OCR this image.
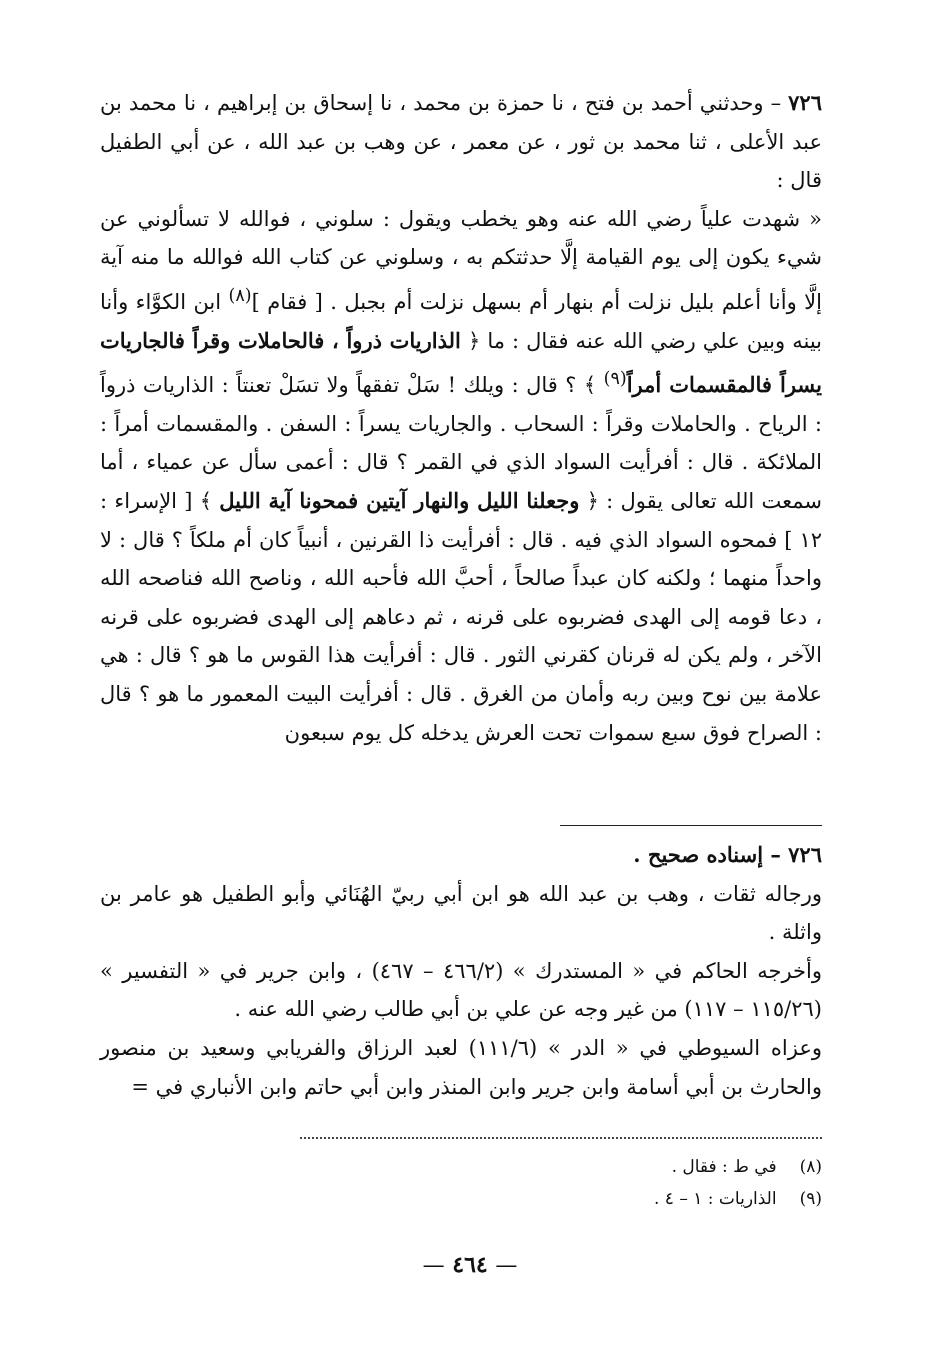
٧٢٦ – وحدثني أحمد بن فتح ، نا حمزة بن محمد ، نا إسحاق بن إبراهيم ، نا محمد بن عبد الأعلى ، ثنا محمد بن ثور ، عن معمر ، عن وهب بن عبد الله ، عن أبي الطفيل قال :

« شهدت علياً رضي الله عنه وهو يخطب ويقول : سلوني ، فوالله لا تسألوني عن شيء يكون إلى يوم القيامة إلَّا حدثتكم به ، وسلوني عن كتاب الله فوالله ما منه آية إلَّا وأنا أعلم بليل نزلت أم بنهار أم بسهل نزلت أم بجبل . [ فقام ]$^{(٨)}$ ابن الكوَّاء وأنا بينه وبين علي رضي الله عنه فقال : ما ﴿ الذاريات ذرواً ، فالحاملات وقراً فالجاريات يسراً فالمقسمات أمراً$^{(٩)}$ ﴾ ؟ قال : ويلك ! سَلْ تفقهاً ولا تسَلْ تعنتاً : الذاريات ذرواً : الرياح . والحاملات وقراً : السحاب . والجاريات يسراً : السفن . والمقسمات أمراً : الملائكة . قال : أفرأيت السواد الذي في القمر ؟ قال : أعمى سأل عن عمياء ، أما سمعت الله تعالى يقول : ﴿ وجعلنا الليل والنهار آيتين فمحونا آية الليل ﴾ [ الإسراء : ١٢ ] فمحوه السواد الذي فيه . قال : أفرأيت ذا القرنين ، أنبياً كان أم ملكاً ؟ قال : لا واحداً منهما ؛ ولكنه كان عبداً صالحاً ، أحبَّ الله فأحبه الله ، وناصح الله فناصحه الله ، دعا قومه إلى الهدى فضربوه على قرنه ، ثم دعاهم إلى الهدى فضربوه على قرنه الآخر ، ولم يكن له قرنان كقرني الثور . قال : أفرأيت هذا القوس ما هو ؟ قال : هي علامة بين نوح وبين ربه وأمان من الغرق . قال : أفرأيت البيت المعمور ما هو ؟ قال : الصراح فوق سبع سموات تحت العرش يدخله كل يوم سبعون

٧٢٦ – إسناده صحيح .

ورجاله ثقات ، وهب بن عبد الله هو ابن أبي ربيّ الهُنَائي وأبو الطفيل هو عامر بن واثلة .

وأخرجه الحاكم في « المستدرك » (٤٦٦/٢ – ٤٦٧) ، وابن جرير في « التفسير » (١١٥/٢٦ – ١١٧) من غير وجه عن علي بن أبي طالب رضي الله عنه .

وعزاه السيوطي في « الدر » (١١١/٦) لعبد الرزاق والفريابي وسعيد بن منصور والحارث بن أبي أسامة وابن جرير وابن المنذر وابن أبي حاتم وابن الأنباري في =

(٨) في ط : فقال .
(٩) الذاريات : ١ – ٤ .
— ٤٦٤ —
